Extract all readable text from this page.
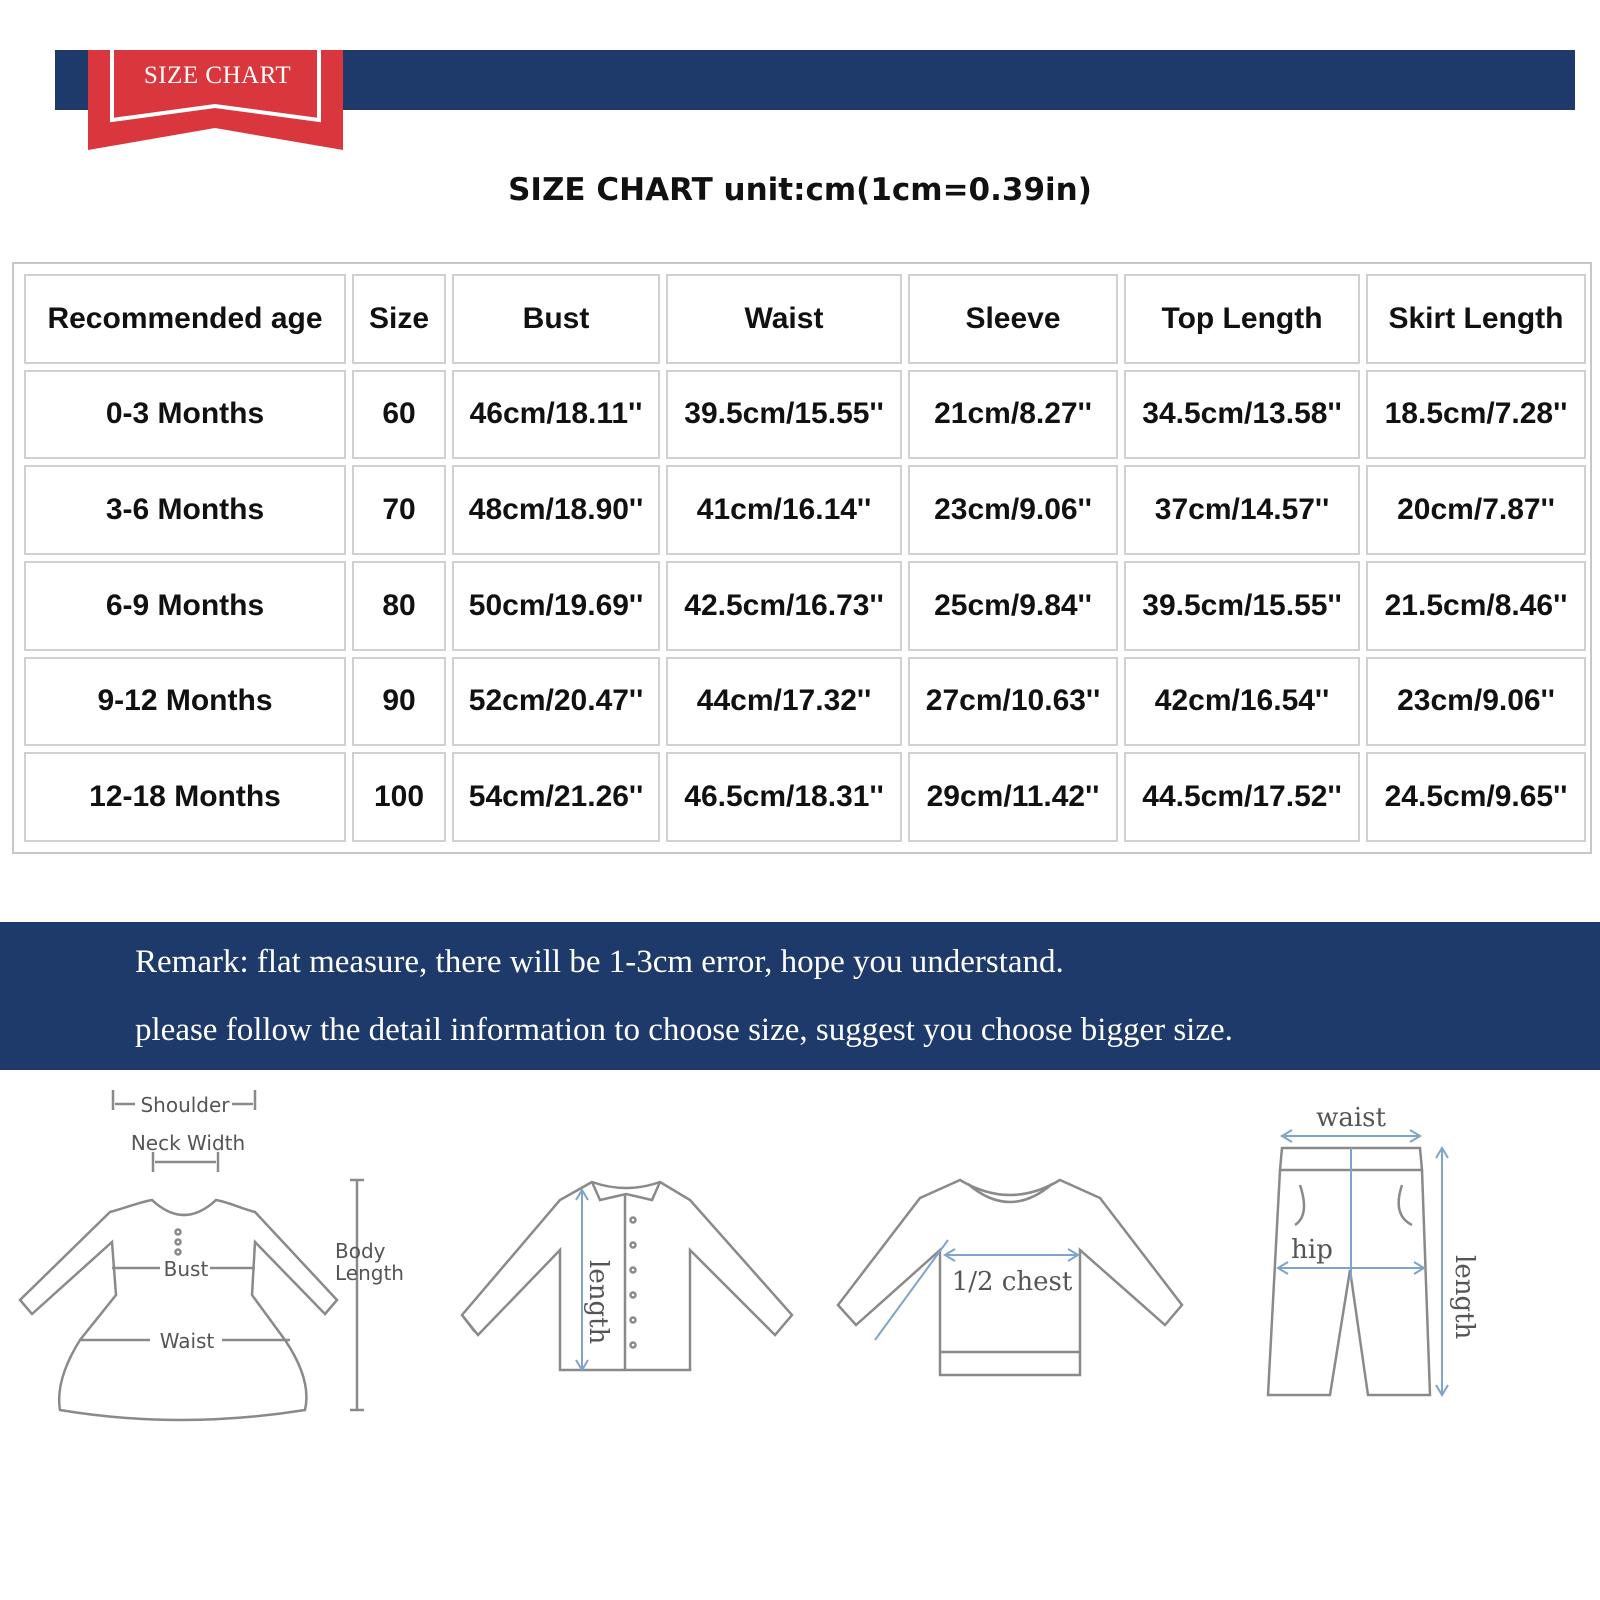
SIZE CHART
SIZE CHART unit:cm(1cm=0.39in)
Recommended age	Size	Bust	Waist	Sleeve	Top Length	Skirt Length
0-3 Months	60	46cm/18.11''	39.5cm/15.55''	21cm/8.27''	34.5cm/13.58''	18.5cm/7.28''
3-6 Months	70	48cm/18.90''	41cm/16.14''	23cm/9.06''	37cm/14.57''	20cm/7.87''
6-9 Months	80	50cm/19.69''	42.5cm/16.73''	25cm/9.84''	39.5cm/15.55''	21.5cm/8.46''
9-12 Months	90	52cm/20.47''	44cm/17.32''	27cm/10.63''	42cm/16.54''	23cm/9.06''
12-18 Months	100	54cm/21.26''	46.5cm/18.31''	29cm/11.42''	44.5cm/17.52''	24.5cm/9.65''
Remark: flat measure, there will be 1-3cm error, hope you understand.
please follow the detail information to choose size, suggest you choose bigger size.
Shoulder
Neck Width
Bust
Waist
Body
Length	length	1/2 chest
waist
hip
length
